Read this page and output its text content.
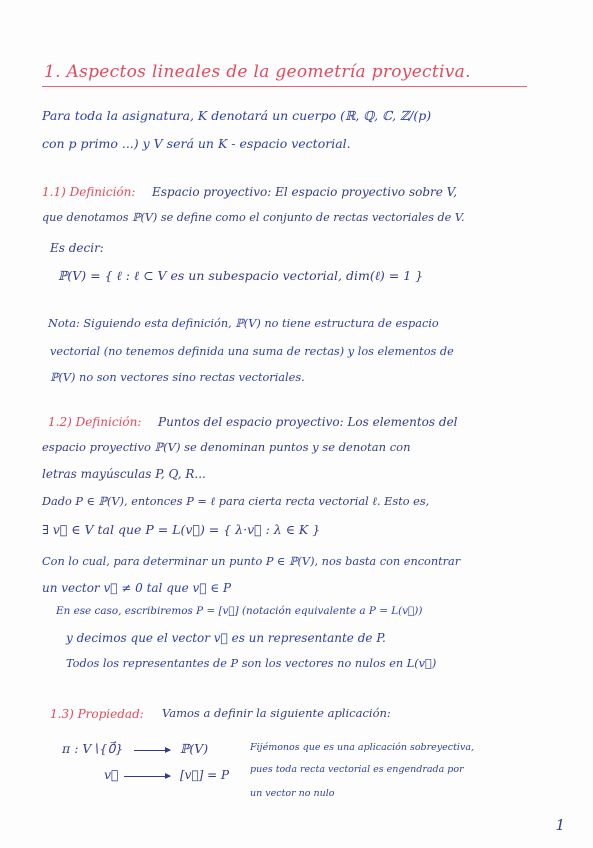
1. Aspectos lineales de la geometría proyectiva.
Para toda la asignatura, K denotará un cuerpo (ℝ, ℚ, ℂ, ℤ/(p)
con p primo ...) y V será un K - espacio vectorial.
1.1) Definición: Espacio proyectivo: El espacio proyectivo sobre V,
que denotamos ℙ(V) se define como el conjunto de rectas vectoriales de V.
Es decir:
ℙ(V) = { ℓ : ℓ ⊂ V es un subespacio vectorial, dim(ℓ) = 1 }
Nota: Siguiendo esta definición, ℙ(V) no tiene estructura de espacio
vectorial (no tenemos definida una suma de rectas) y los elementos de
ℙ(V) no son vectores sino rectas vectoriales.
1.2) Definición: Puntos del espacio proyectivo: Los elementos del
espacio proyectivo ℙ(V) se denominan puntos y se denotan con
letras mayúsculas P, Q, R...
Dado P ∈ ℙ(V), entonces P = ℓ para cierta recta vectorial ℓ. Esto es,
∃ v⃗ ∈ V tal que P = L(v⃗) = { λ·v⃗ : λ ∈ K }
Con lo cual, para determinar un punto P ∈ ℙ(V), nos basta con encontrar
un vector v⃗ ≠ 0 tal que v⃗ ∈ P
En ese caso, escribiremos P = [v⃗] (notación equivalente a P = L(v⃗))
y decimos que el vector v⃗ es un representante de P.
Todos los representantes de P son los vectores no nulos en L(v⃗)
1.3) Propiedad: Vamos a definir la siguiente aplicación:
π : V∖{0⃗}	ℙ(V)
v⃗	[v⃗] = P
Fijémonos que es una aplicación sobreyectiva,
pues toda recta vectorial es engendrada por
un vector no nulo
1
